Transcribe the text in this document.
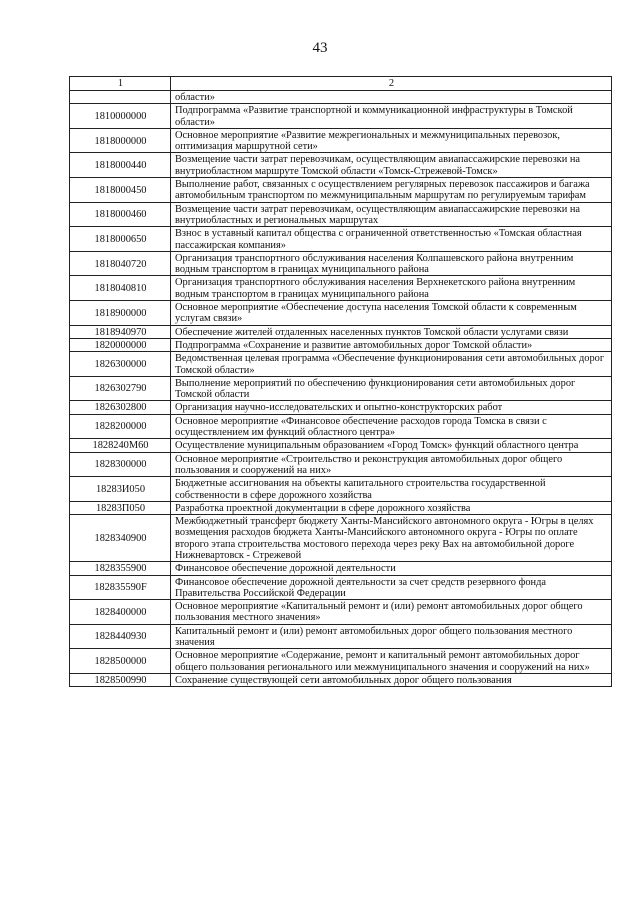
43
1	2
	области»
1810000000	Подпрограмма «Развитие транспортной и коммуникационной инфраструктуры в Томской области»
1818000000	Основное мероприятие «Развитие межрегиональных и межмуниципальных перевозок, оптимизация маршрутной сети»
1818000440	Возмещение части затрат перевозчикам, осуществляющим авиапассажирские перевозки на внутриобластном маршруте Томской области «Томск-Стрежевой-Томск»
1818000450	Выполнение работ, связанных с осуществлением регулярных перевозок пассажиров и багажа автомобильным транспортом по межмуниципальным маршрутам по регулируемым тарифам
1818000460	Возмещение части затрат перевозчикам, осуществляющим авиапассажирские перевозки на внутриобластных и региональных маршрутах
1818000650	Взнос в уставный капитал общества с ограниченной ответственностью «Томская областная пассажирская компания»
1818040720	Организация транспортного обслуживания населения Колпашевского района внутренним водным транспортом в границах муниципального района
1818040810	Организация транспортного обслуживания населения Верхнекетского района внутренним водным транспортом в границах муниципального района
1818900000	Основное мероприятие «Обеспечение доступа населения Томской области к современным услугам связи»
1818940970	Обеспечение жителей отдаленных населенных пунктов Томской области услугами связи
1820000000	Подпрограмма «Сохранение и развитие автомобильных дорог Томской области»
1826300000	Ведомственная целевая программа «Обеспечение функционирования сети автомобильных дорог Томской области»
1826302790	Выполнение мероприятий по обеспечению функционирования сети автомобильных дорог Томской области
1826302800	Организация научно-исследовательских и опытно-конструкторских работ
1828200000	Основное мероприятие «Финансовое обеспечение расходов города Томска в связи с осуществлением им функций областного центра»
1828240М60	Осуществление муниципальным образованием «Город Томск» функций областного центра
1828300000	Основное мероприятие «Строительство и реконструкция автомобильных дорог общего пользования и сооружений на них»
18283И050	Бюджетные ассигнования на объекты капитального строительства государственной собственности в сфере дорожного хозяйства
18283П050	Разработка проектной документации в сфере дорожного хозяйства
1828340900	Межбюджетный трансферт бюджету Ханты-Мансийского автономного округа - Югры в целях возмещения расходов бюджета Ханты-Мансийского автономного округа - Югры по оплате второго этапа строительства мостового перехода через реку Вах на автомобильной дороге Нижневартовск - Стрежевой
1828355900	Финансовое обеспечение дорожной деятельности
182835590F	Финансовое обеспечение дорожной деятельности за счет средств резервного фонда Правительства Российской Федерации
1828400000	Основное мероприятие «Капитальный ремонт и (или) ремонт автомобильных дорог общего пользования местного значения»
1828440930	Капитальный ремонт и (или) ремонт автомобильных дорог общего пользования местного значения
1828500000	Основное мероприятие «Содержание, ремонт и капитальный ремонт автомобильных дорог общего пользования регионального или межмуниципального значения и сооружений на них»
1828500990	Сохранение существующей сети автомобильных дорог общего пользования
